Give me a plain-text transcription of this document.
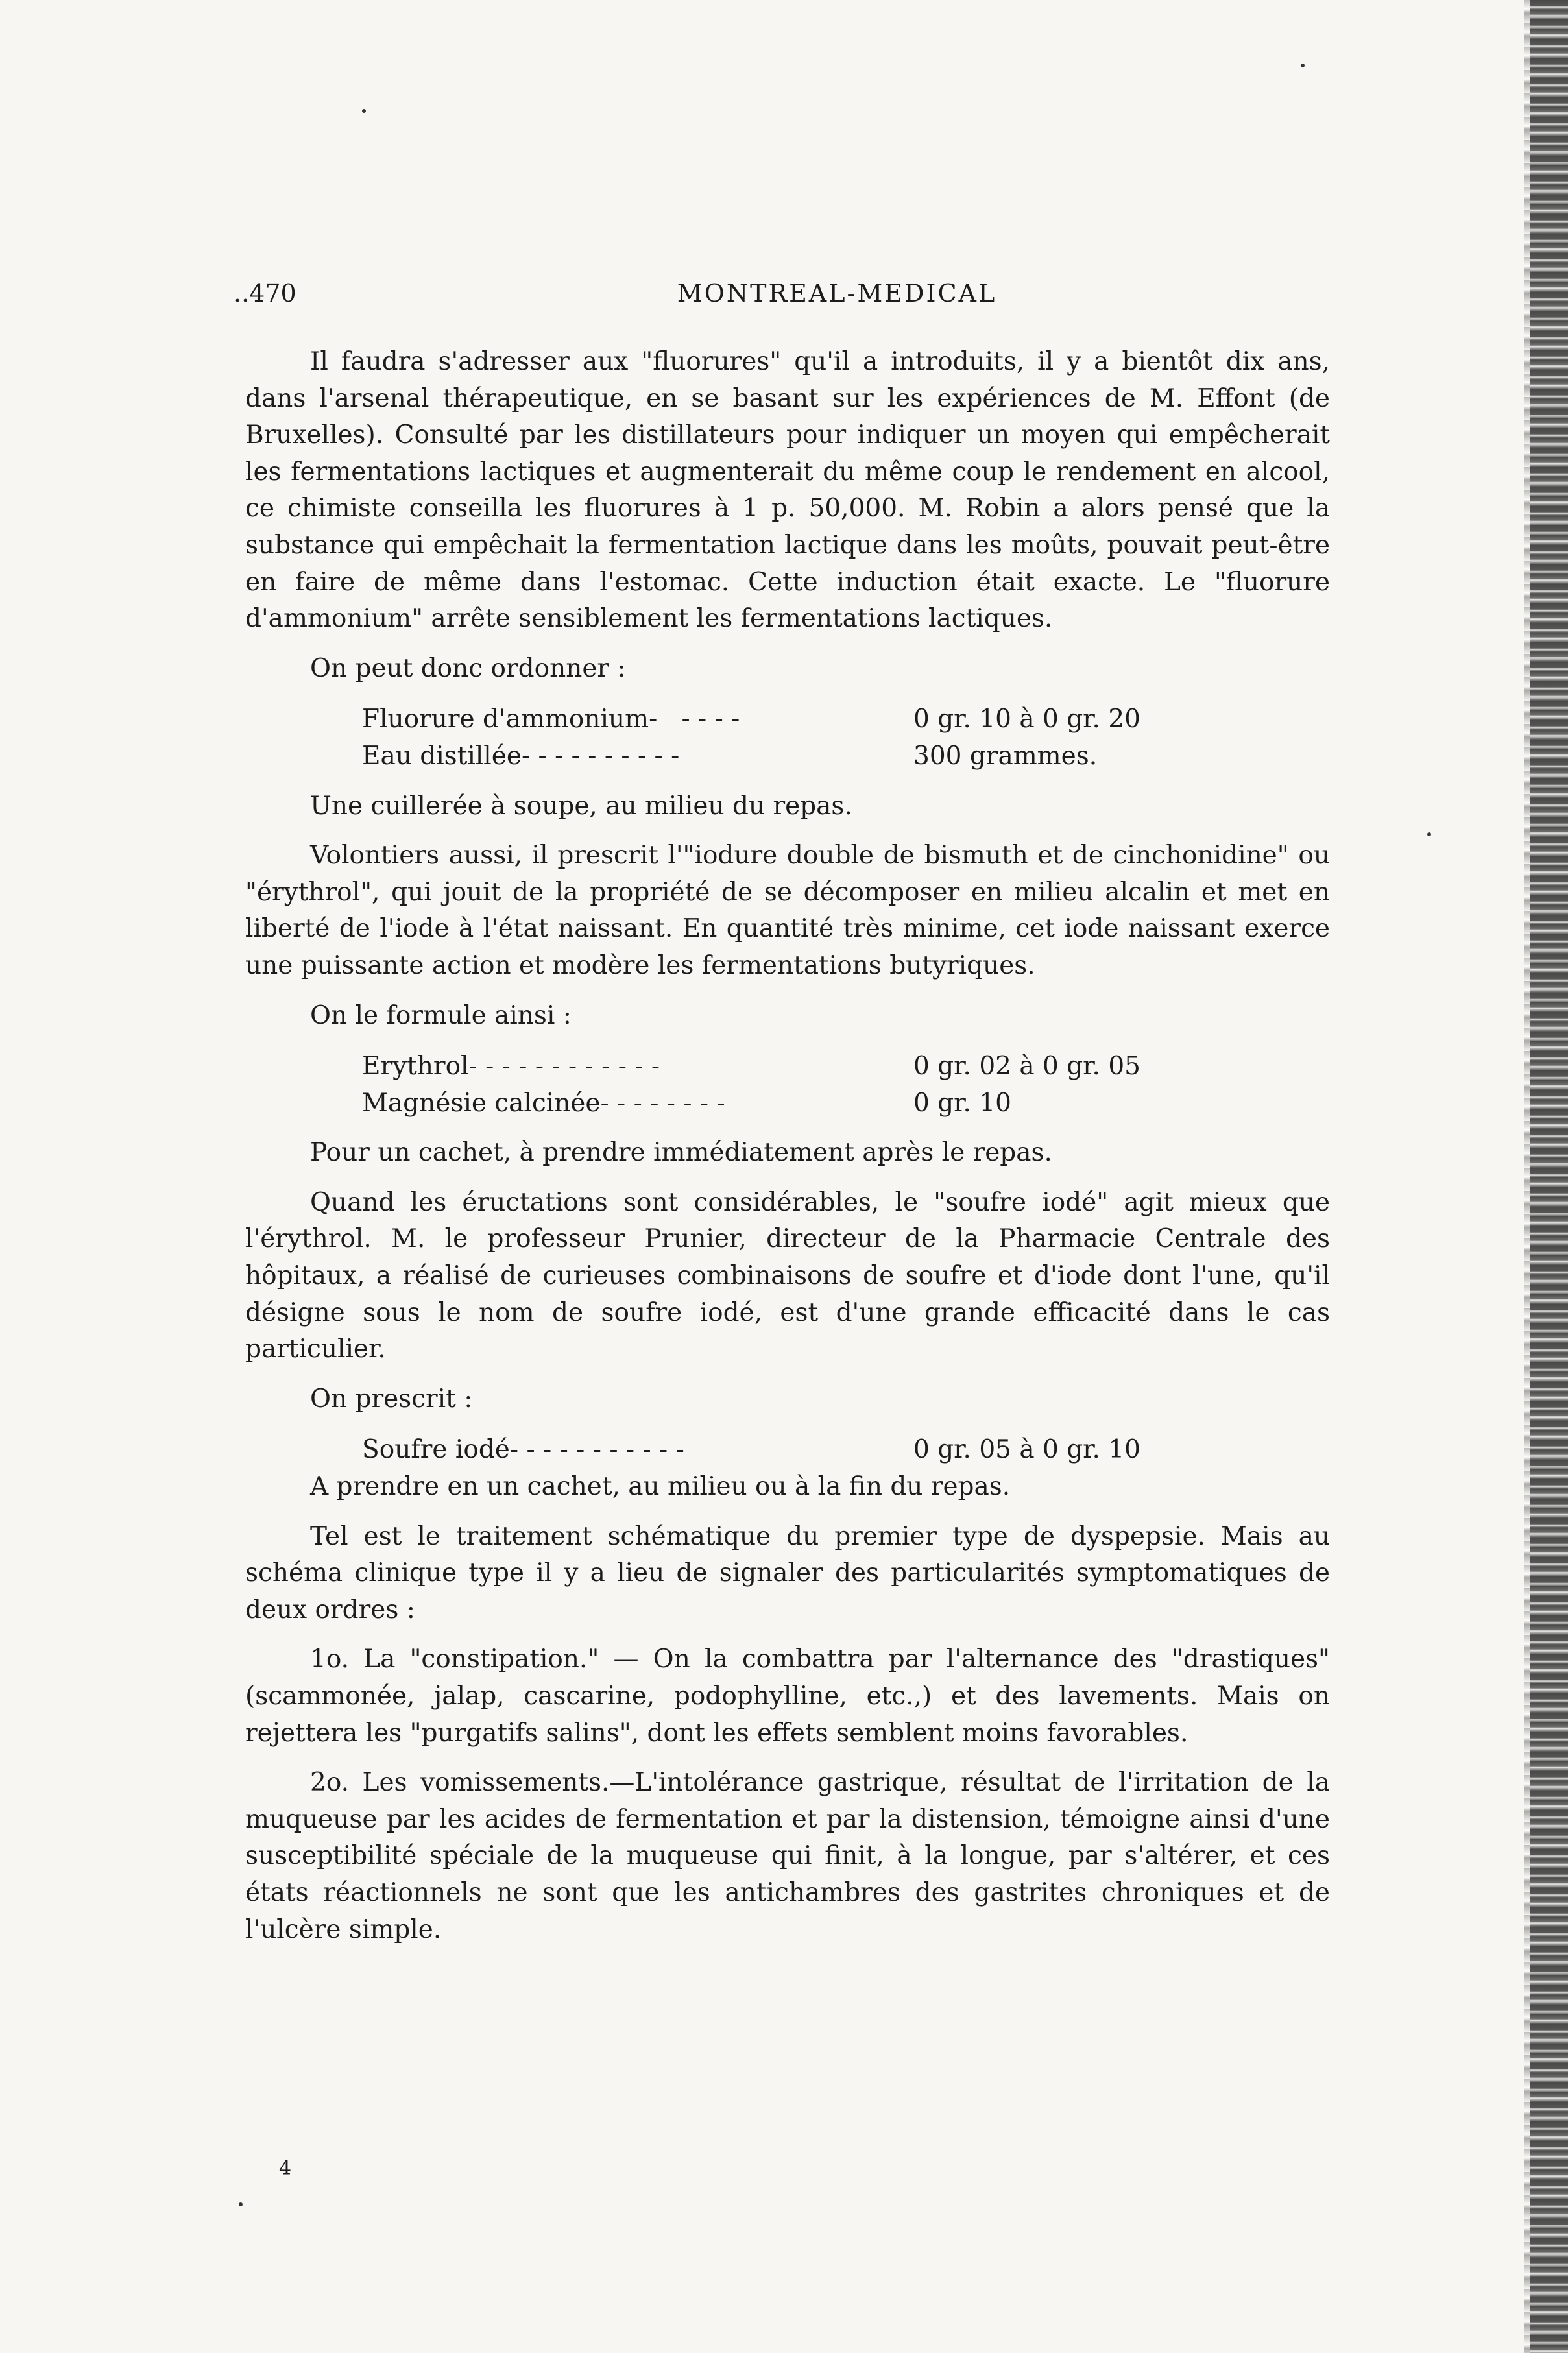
..470	MONTREAL-MEDICAL

Il faudra s'adresser aux "fluorures" qu'il a introduits, il y a bientôt dix ans, dans l'arsenal thérapeutique, en se basant sur les expériences de M. Effont (de Bruxelles). Consulté par les distillateurs pour indiquer un moyen qui empêcherait les fermentations lactiques et augmenterait du même coup le rendement en alcool, ce chimiste conseilla les fluorures à 1 p. 50,000. M. Robin a alors pensé que la substance qui empêchait la fermentation lactique dans les moûts, pouvait peut-être en faire de même dans l'estomac. Cette induction était exacte. Le "fluorure d'ammonium" arrête sensiblement les fermentations lactiques.

On peut donc ordonner :

Fluorure d'ammonium-   - - - -	0 gr. 10 à 0 gr. 20
Eau distillée- - - - - - - - - -	300 grammes.

Une cuillerée à soupe, au milieu du repas.

Volontiers aussi, il prescrit l'"iodure double de bismuth et de cinchonidine" ou "érythrol", qui jouit de la propriété de se décomposer en milieu alcalin et met en liberté de l'iode à l'état naissant. En quantité très minime, cet iode naissant exerce une puissante action et modère les fermentations butyriques.

On le formule ainsi :

Erythrol- - - - - - - - - - - -	0 gr. 02 à 0 gr. 05
Magnésie calcinée- - - - - - - -	0 gr. 10

Pour un cachet, à prendre immédiatement après le repas.

Quand les éructations sont considérables, le "soufre iodé" agit mieux que l'érythrol. M. le professeur Prunier, directeur de la Pharmacie Centrale des hôpitaux, a réalisé de curieuses combinaisons de soufre et d'iode dont l'une, qu'il désigne sous le nom de soufre iodé, est d'une grande efficacité dans le cas particulier.

On prescrit :

Soufre iodé- - - - - - - - - - -	0 gr. 05 à 0 gr. 10

A prendre en un cachet, au milieu ou à la fin du repas.

Tel est le traitement schématique du premier type de dyspepsie. Mais au schéma clinique type il y a lieu de signaler des particularités symptomatiques de deux ordres :

1o. La "constipation." — On la combattra par l'alternance des "drastiques" (scammonée, jalap, cascarine, podophylline, etc.,) et des lavements. Mais on rejettera les "purgatifs salins", dont les effets semblent moins favorables.

2o. Les vomissements.—L'intolérance gastrique, résultat de l'irritation de la muqueuse par les acides de fermentation et par la distension, témoigne ainsi d'une susceptibilité spéciale de la muqueuse qui finit, à la longue, par s'altérer, et ces états réactionnels ne sont que les antichambres des gastrites chroniques et de l'ulcère simple.

4
